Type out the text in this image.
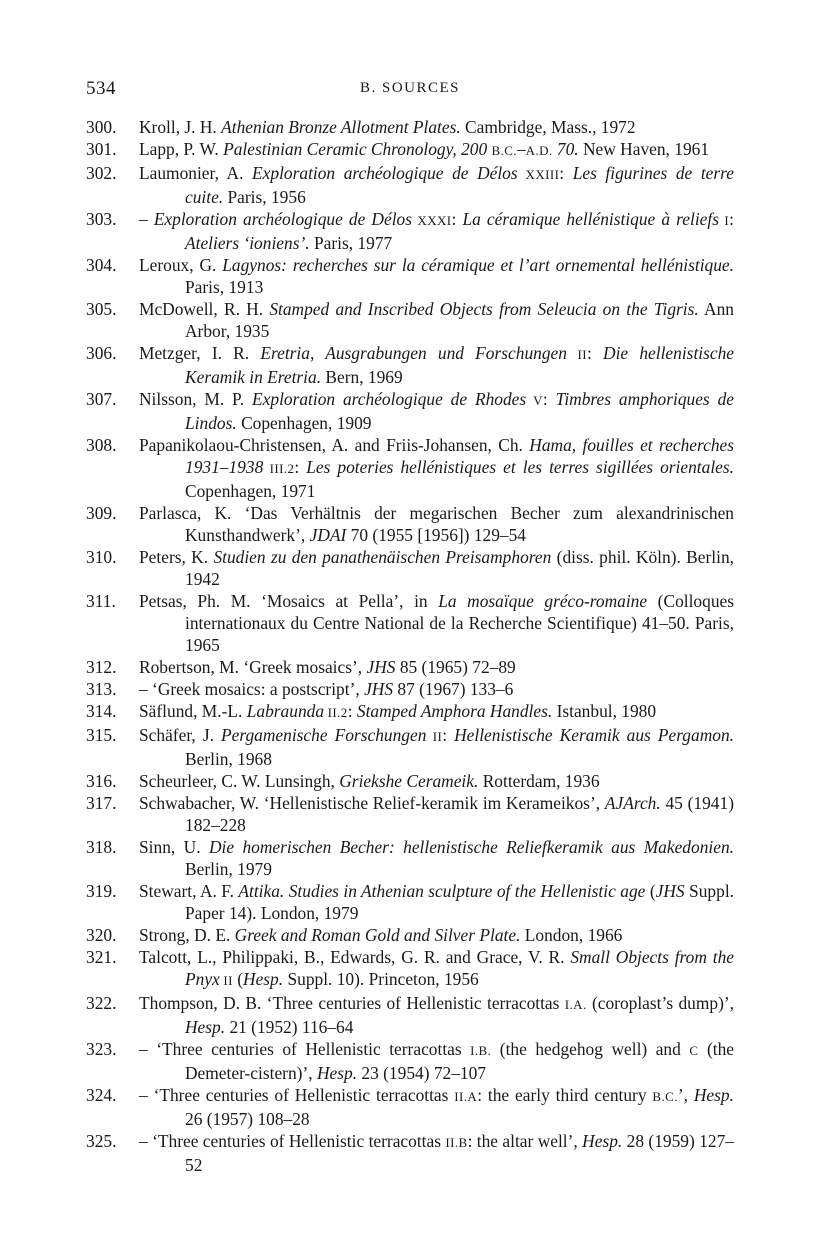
534	B. SOURCES
300. Kroll, J. H. Athenian Bronze Allotment Plates. Cambridge, Mass., 1972
301. Lapp, P. W. Palestinian Ceramic Chronology, 200 B.C.–A.D. 70. New Haven, 1961
302. Laumonier, A. Exploration archéologique de Délos XXIII: Les figurines de terre cuite. Paris, 1956
303. – Exploration archéologique de Délos XXXI: La céramique hellénistique à reliefs I: Ateliers ‘ioniens’. Paris, 1977
304. Leroux, G. Lagynos: recherches sur la céramique et l’art ornemental hellénistique. Paris, 1913
305. McDowell, R. H. Stamped and Inscribed Objects from Seleucia on the Tigris. Ann Arbor, 1935
306. Metzger, I. R. Eretria, Ausgrabungen und Forschungen II: Die hellenistische Keramik in Eretria. Bern, 1969
307. Nilsson, M. P. Exploration archéologique de Rhodes V: Timbres amphoriques de Lindos. Copenhagen, 1909
308. Papanikolaou-Christensen, A. and Friis-Johansen, Ch. Hama, fouilles et recherches 1931–1938 III.2: Les poteries hellénistiques et les terres sigillées orientales. Copenhagen, 1971
309. Parlasca, K. ‘Das Verhältnis der megarischen Becher zum alexandrinischen Kunsthandwerk’, JDAI 70 (1955 [1956]) 129–54
310. Peters, K. Studien zu den panathenäischen Preisamphoren (diss. phil. Köln). Berlin, 1942
311. Petsas, Ph. M. ‘Mosaics at Pella’, in La mosaïque gréco-romaine (Colloques internationaux du Centre National de la Recherche Scientifique) 41–50. Paris, 1965
312. Robertson, M. ‘Greek mosaics’, JHS 85 (1965) 72–89
313. – ‘Greek mosaics: a postscript’, JHS 87 (1967) 133–6
314. Säflund, M.-L. Labraunda II.2: Stamped Amphora Handles. Istanbul, 1980
315. Schäfer, J. Pergamenische Forschungen II: Hellenistische Keramik aus Pergamon. Berlin, 1968
316. Scheurleer, C. W. Lunsingh, Griekshe Cerameik. Rotterdam, 1936
317. Schwabacher, W. ‘Hellenistische Relief-keramik im Kerameikos’, AJArch. 45 (1941) 182–228
318. Sinn, U. Die homerischen Becher: hellenistische Reliefkeramik aus Makedonien. Berlin, 1979
319. Stewart, A. F. Attika. Studies in Athenian sculpture of the Hellenistic age (JHS Suppl. Paper 14). London, 1979
320. Strong, D. E. Greek and Roman Gold and Silver Plate. London, 1966
321. Talcott, L., Philippaki, B., Edwards, G. R. and Grace, V. R. Small Objects from the Pnyx II (Hesp. Suppl. 10). Princeton, 1956
322. Thompson, D. B. ‘Three centuries of Hellenistic terracottas I.A. (coroplast’s dump)’, Hesp. 21 (1952) 116–64
323. – ‘Three centuries of Hellenistic terracottas I.B. (the hedgehog well) and C (the Demeter-cistern)’, Hesp. 23 (1954) 72–107
324. – ‘Three centuries of Hellenistic terracottas II.A: the early third century B.C.’, Hesp. 26 (1957) 108–28
325. – ‘Three centuries of Hellenistic terracottas II.B: the altar well’, Hesp. 28 (1959) 127–52
